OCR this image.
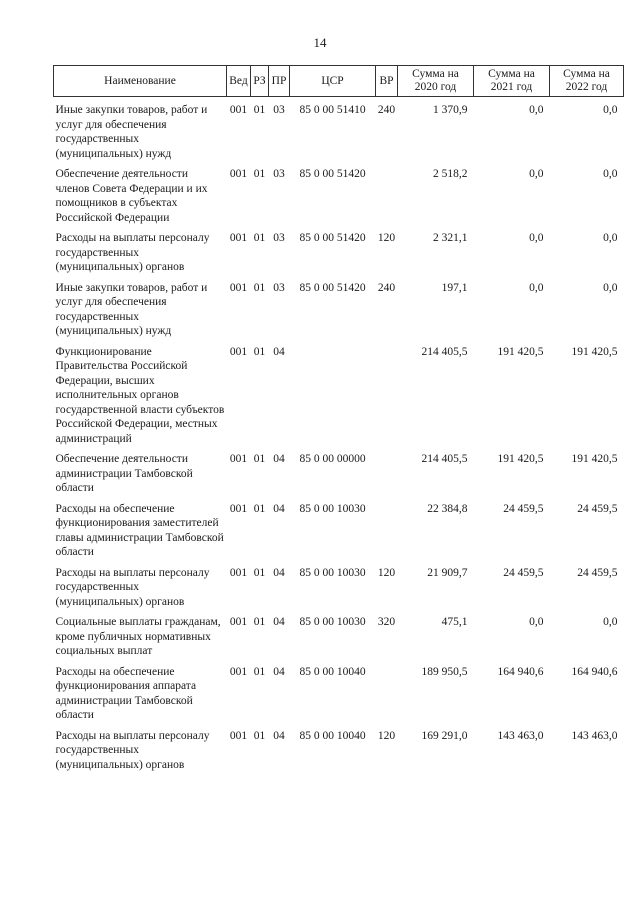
14
Наименование	Вед	РЗ	ПР	ЦСР	ВР	Сумма на 2020 год	Сумма на 2021 год	Сумма на 2022 год
Иные закупки товаров, работ и услуг для обеспечения государственных (муниципальных) нужд	001	01	03	85 0 00 51410	240	1 370,9	0,0	0,0
Обеспечение деятельности членов Совета Федерации и их помощников в субъектах Российской Федерации	001	01	03	85 0 00 51420		2 518,2	0,0	0,0
Расходы на выплаты персоналу государственных (муниципальных) органов	001	01	03	85 0 00 51420	120	2 321,1	0,0	0,0
Иные закупки товаров, работ и услуг для обеспечения государственных (муниципальных) нужд	001	01	03	85 0 00 51420	240	197,1	0,0	0,0
Функционирование Правительства Российской Федерации, высших исполнительных органов государственной власти субъектов Российской Федерации, местных администраций	001	01	04			214 405,5	191 420,5	191 420,5
Обеспечение деятельности администрации Тамбовской области	001	01	04	85 0 00 00000		214 405,5	191 420,5	191 420,5
Расходы на обеспечение функционирования заместителей главы администрации Тамбовской области	001	01	04	85 0 00 10030		22 384,8	24 459,5	24 459,5
Расходы на выплаты персоналу государственных (муниципальных) органов	001	01	04	85 0 00 10030	120	21 909,7	24 459,5	24 459,5
Социальные выплаты гражданам, кроме публичных нормативных социальных выплат	001	01	04	85 0 00 10030	320	475,1	0,0	0,0
Расходы на обеспечение функционирования аппарата администрации Тамбовской области	001	01	04	85 0 00 10040		189 950,5	164 940,6	164 940,6
Расходы на выплаты персоналу государственных (муниципальных) органов	001	01	04	85 0 00 10040	120	169 291,0	143 463,0	143 463,0
